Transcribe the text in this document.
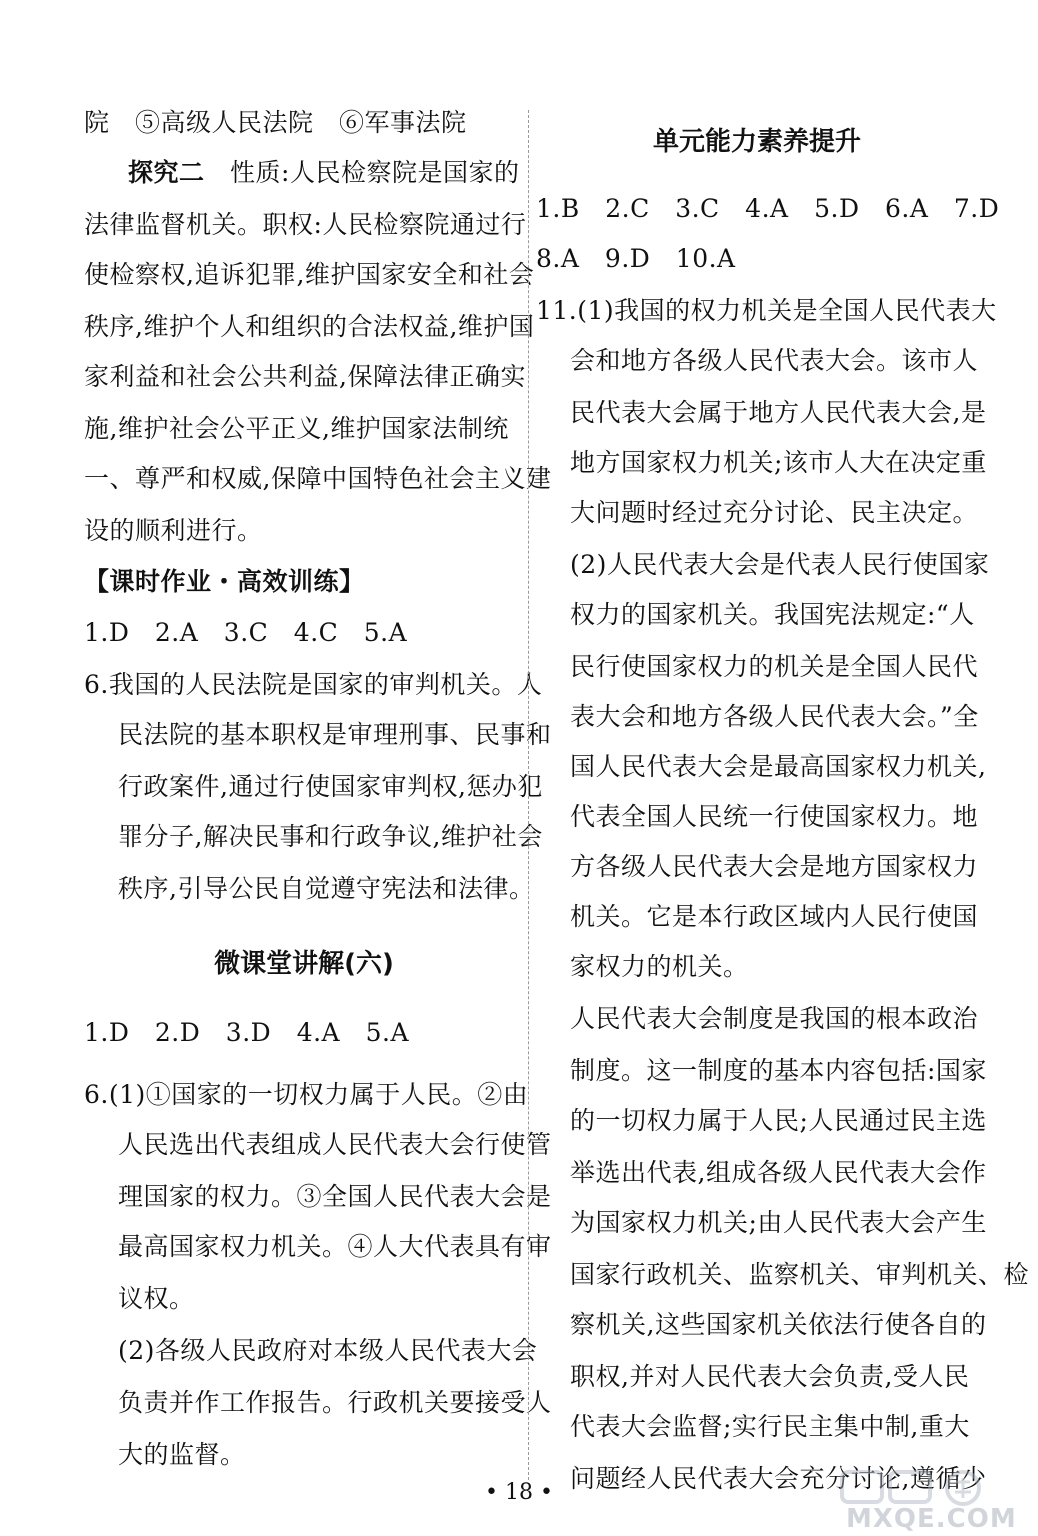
院　⑤高级人民法院　⑥军事法院
探究二　性质:人民检察院是国家的
法律监督机关。职权:人民检察院通过行
使检察权,追诉犯罪,维护国家安全和社会
秩序,维护个人和组织的合法权益,维护国
家利益和社会公共利益,保障法律正确实
施,维护社会公平正义,维护国家法制统
一、尊严和权威,保障中国特色社会主义建
设的顺利进行。
【课时作业・高效训练】
1.D　2.A　3.C　4.C　5.A
6.我国的人民法院是国家的审判机关。人
民法院的基本职权是审理刑事、民事和
行政案件,通过行使国家审判权,惩办犯
罪分子,解决民事和行政争议,维护社会
秩序,引导公民自觉遵守宪法和法律。
微课堂讲解(六)
1.D　2.D　3.D　4.A　5.A
6.(1)①国家的一切权力属于人民。②由
人民选出代表组成人民代表大会行使管
理国家的权力。③全国人民代表大会是
最高国家权力机关。④人大代表具有审
议权。
(2)各级人民政府对本级人民代表大会
负责并作工作报告。行政机关要接受人
大的监督。
单元能力素养提升
1.B　2.C　3.C　4.A　5.D　6.A　7.D
8.A　9.D　10.A
11.(1)我国的权力机关是全国人民代表大
会和地方各级人民代表大会。该市人
民代表大会属于地方人民代表大会,是
地方国家权力机关;该市人大在决定重
大问题时经过充分讨论、民主决定。
(2)人民代表大会是代表人民行使国家
权力的国家机关。我国宪法规定:“人
民行使国家权力的机关是全国人民代
表大会和地方各级人民代表大会。”全
国人民代表大会是最高国家权力机关,
代表全国人民统一行使国家权力。地
方各级人民代表大会是地方国家权力
机关。它是本行政区域内人民行使国
家权力的机关。
人民代表大会制度是我国的根本政治
制度。这一制度的基本内容包括:国家
的一切权力属于人民;人民通过民主选
举选出代表,组成各级人民代表大会作
为国家权力机关;由人民代表大会产生
国家行政机关、监察机关、审判机关、检
察机关,这些国家机关依法行使各自的
职权,并对人民代表大会负责,受人民
代表大会监督;实行民主集中制,重大
问题经人民代表大会充分讨论,遵循少
• 18 •
MXQE.COM
